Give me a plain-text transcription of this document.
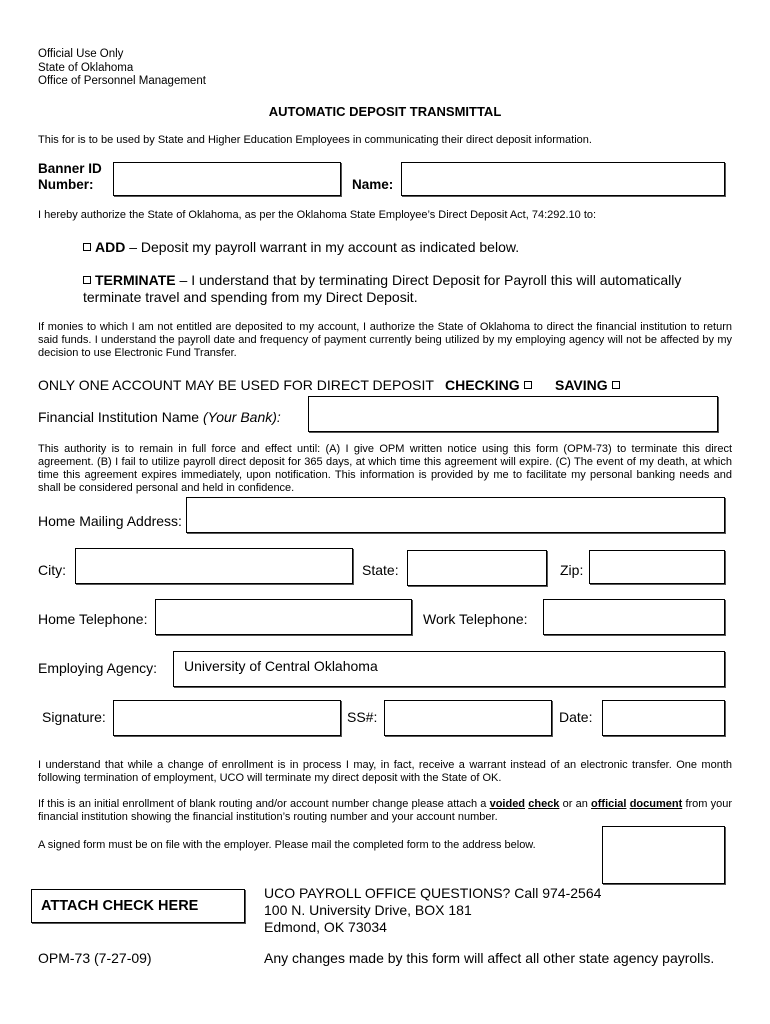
Official Use Only
State of Oklahoma
Office of Personnel Management
AUTOMATIC DEPOSIT TRANSMITTAL
This for is to be used by State and Higher Education Employees in communicating their direct deposit information.
Banner ID
Number:	Name:
I hereby authorize the State of Oklahoma, as per the Oklahoma State Employee’s Direct Deposit Act, 74:292.10 to:
ADD – Deposit my payroll warrant in my account as indicated below.
TERMINATE – I understand that by terminating Direct Deposit for Payroll this will automatically
terminate travel and spending from my Direct Deposit.
If monies to which I am not entitled are deposited to my account, I authorize the State of Oklahoma to direct the financial institution to return said funds. I understand the payroll date and frequency of payment currently being utilized by my employing agency will not be affected by my decision to use Electronic Fund Transfer.
ONLY ONE ACCOUNT MAY BE USED FOR DIRECT DEPOSIT CHECKING	SAVING
Financial Institution Name (Your Bank):
This authority is to remain in full force and effect until: (A) I give OPM written notice using this form (OPM-73) to terminate this direct agreement. (B) I fail to utilize payroll direct deposit for 365 days, at which time this agreement will expire. (C) The event of my death, at which time this agreement expires immediately, upon notification. This information is provided by me to facilitate my personal banking needs and shall be considered personal and held in confidence.
Home Mailing Address:
City:	State:	Zip:
Home Telephone:	Work Telephone:
Employing Agency:	University of Central Oklahoma
Signature:	SS#:	Date:
I understand that while a change of enrollment is in process I may, in fact, receive a warrant instead of an electronic transfer. One month following termination of employment, UCO will terminate my direct deposit with the State of OK.
If this is an initial enrollment of blank routing and/or account number change please attach a voided check or an official document from your financial institution showing the financial institution’s routing number and your account number.
A signed form must be on file with the employer. Please mail the completed form to the address below.
ATTACH CHECK HERE
UCO PAYROLL OFFICE QUESTIONS? Call 974-2564
100 N. University Drive, BOX 181
Edmond, OK 73034
OPM-73 (7-27-09)	Any changes made by this form will affect all other state agency payrolls.
